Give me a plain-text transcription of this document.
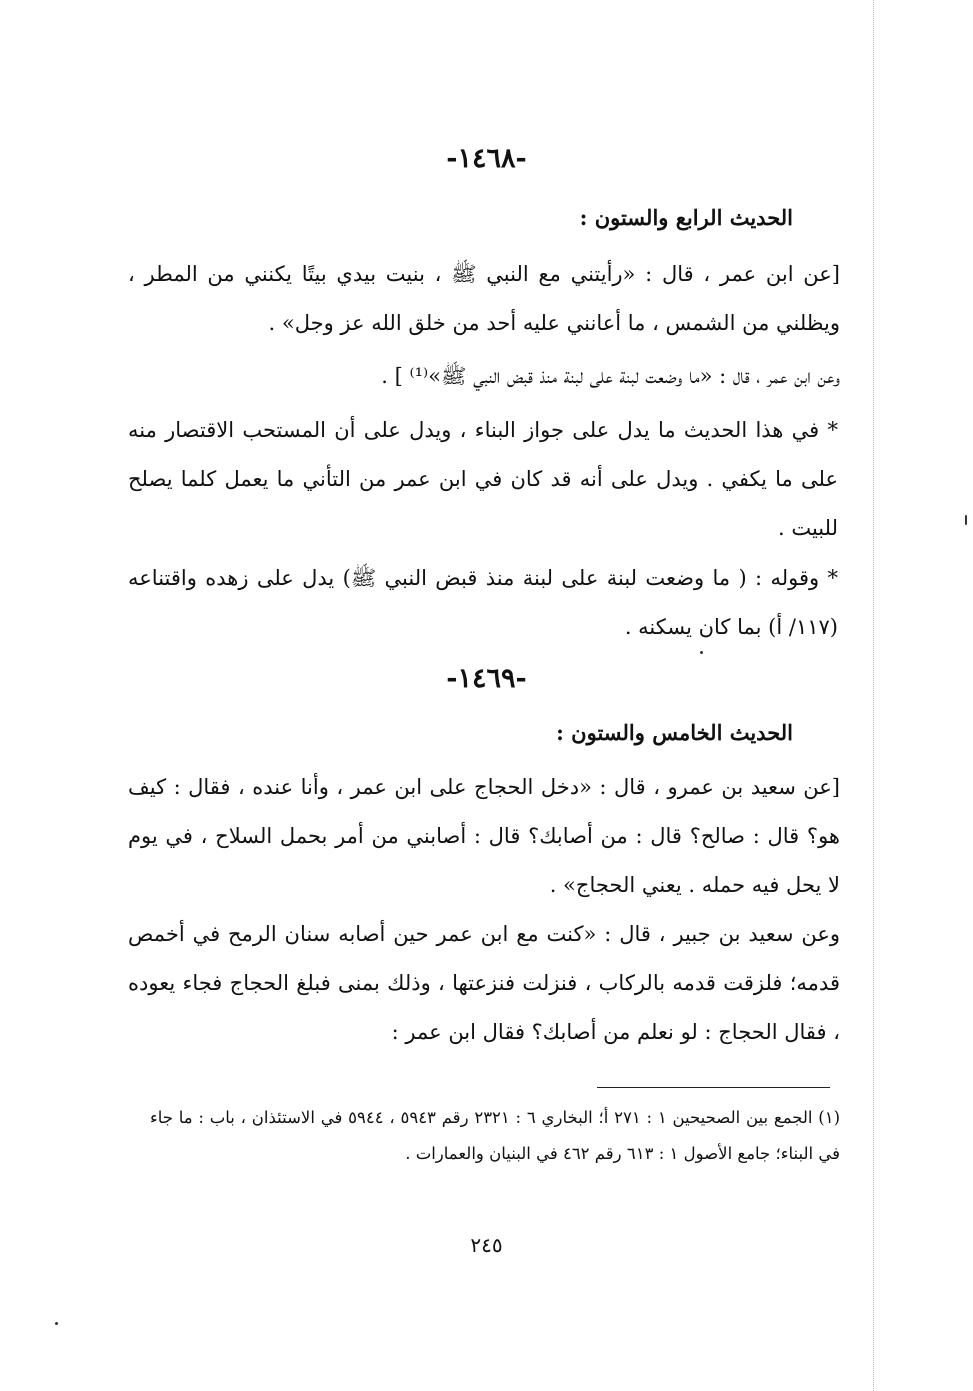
-١٤٦٨-
الحديث الرابع والستون :

[عن ابن عمر ، قال : «رأيتني مع النبي ﷺ ، بنيت بيدي بيتًا يكنني من المطر ، ويظلني من الشمس ، ما أعانني عليه أحد من خلق الله عز وجل» .

وعن ابن عمر ، قال : «ما وضعت لبنة على لبنة منذ قبض النبي ﷺ»⁽¹⁾ ] .

* في هذا الحديث ما يدل على جواز البناء ، ويدل على أن المستحب الاقتصار منه على ما يكفي . ويدل على أنه قد كان في ابن عمر من التأني ما يعمل كلما يصلح للبيت .

* وقوله : ( ما وضعت لبنة على لبنة منذ قبض النبي ﷺ) يدل على زهده واقتناعه (١١٧/ أ) بما كان يسكنه .

-١٤٦٩-
الحديث الخامس والستون :

[عن سعيد بن عمرو ، قال : «دخل الحجاج على ابن عمر ، وأنا عنده ، فقال : كيف هو؟ قال : صالح؟ قال : من أصابك؟ قال : أصابني من أمر بحمل السلاح ، في يوم لا يحل فيه حمله . يعني الحجاج» .

وعن سعيد بن جبير ، قال : «كنت مع ابن عمر حين أصابه سنان الرمح في أخمص قدمه؛ فلزقت قدمه بالركاب ، فنزلت فنزعتها ، وذلك بمنى فبلغ الحجاج فجاء يعوده ، فقال الحجاج : لو نعلم من أصابك؟ فقال ابن عمر :

(١) الجمع بين الصحيحين ١ : ٢٧١ أ؛ البخاري ٦ : ٢٣٢١ رقم ٥٩٤٣ ، ٥٩٤٤ في الاستئذان ، باب : ما جاء في البناء؛ جامع الأصول ١ : ٦١٣ رقم ٤٦٢ في البنيان والعمارات .

٢٤٥
